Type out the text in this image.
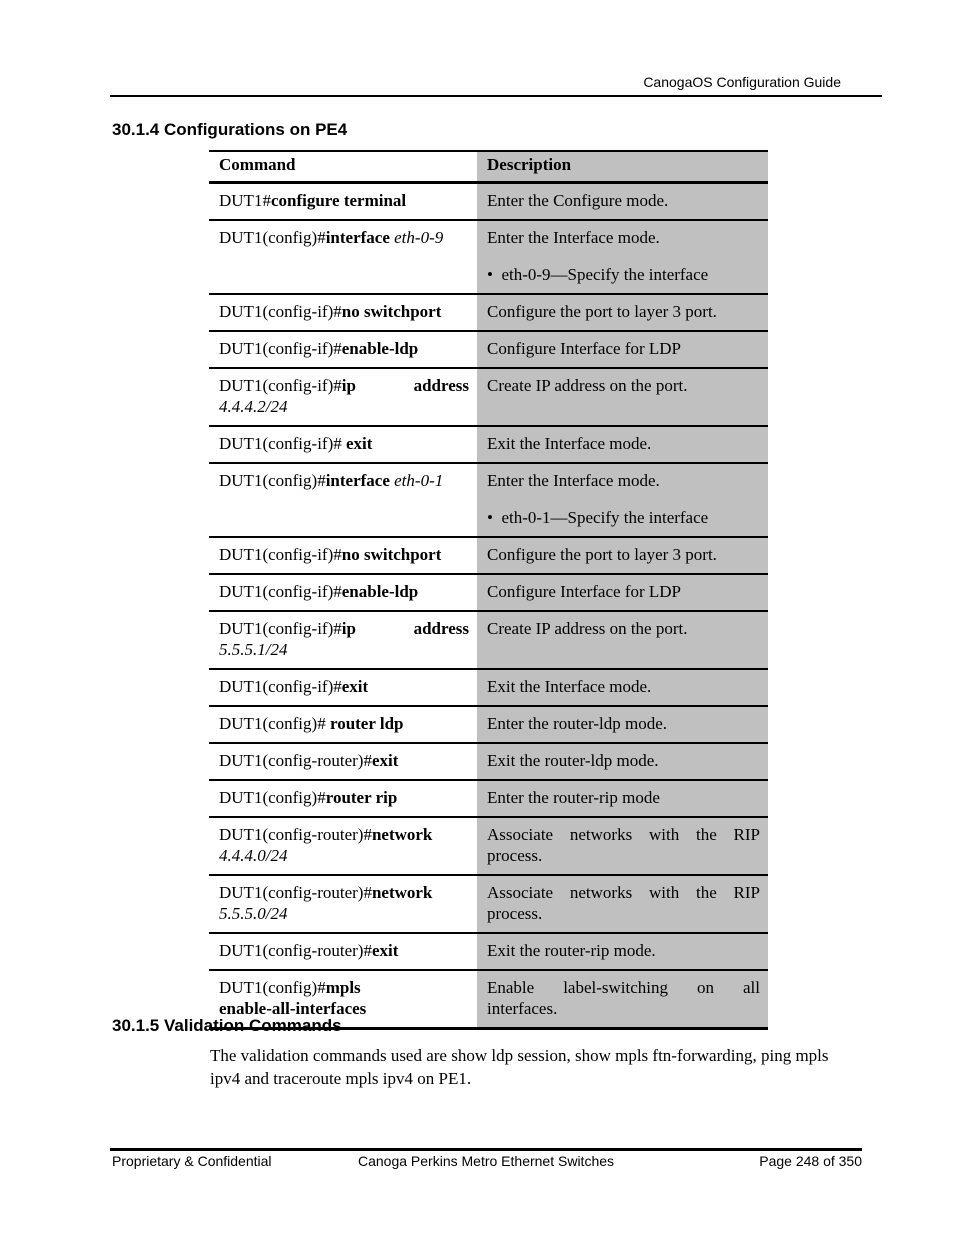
CanogaOS Configuration Guide
30.1.4 Configurations on PE4
Command	Description

DUT1#configure terminal	Enter the Configure mode.

DUT1(config)#interface eth-0-9	Enter the Interface mode.
•  eth-0-9—Specify the interface

DUT1(config-if)#no switchport	Configure the port to layer 3 port.

DUT1(config-if)#enable-ldp	Configure Interface for LDP

DUT1(config-if)#ip address
4.4.4.2/24	Create IP address on the port.

DUT1(config-if)# exit	Exit the Interface mode.

DUT1(config)#interface eth-0-1	Enter the Interface mode.
•  eth-0-1—Specify the interface

DUT1(config-if)#no switchport	Configure the port to layer 3 port.

DUT1(config-if)#enable-ldp	Configure Interface for LDP

DUT1(config-if)#ip address
5.5.5.1/24	Create IP address on the port.

DUT1(config-if)#exit	Exit the Interface mode.

DUT1(config)# router ldp	Enter the router-ldp mode.

DUT1(config-router)#exit	Exit the router-ldp mode.

DUT1(config)#router rip	Enter the router-rip mode

DUT1(config-router)#network
4.4.4.0/24	Associate networks with the RIP process.

DUT1(config-router)#network
5.5.5.0/24	Associate networks with the RIP process.

DUT1(config-router)#exit	Exit the router-rip mode.

DUT1(config)#mpls
enable-all-interfaces	Enable label-switching on all interfaces.
30.1.5 Validation Commands
The validation commands used are show ldp session, show mpls ftn-forwarding, ping mpls ipv4 and traceroute mpls ipv4 on PE1.
Proprietary & Confidential	Canoga Perkins Metro Ethernet Switches	Page 248 of 350
